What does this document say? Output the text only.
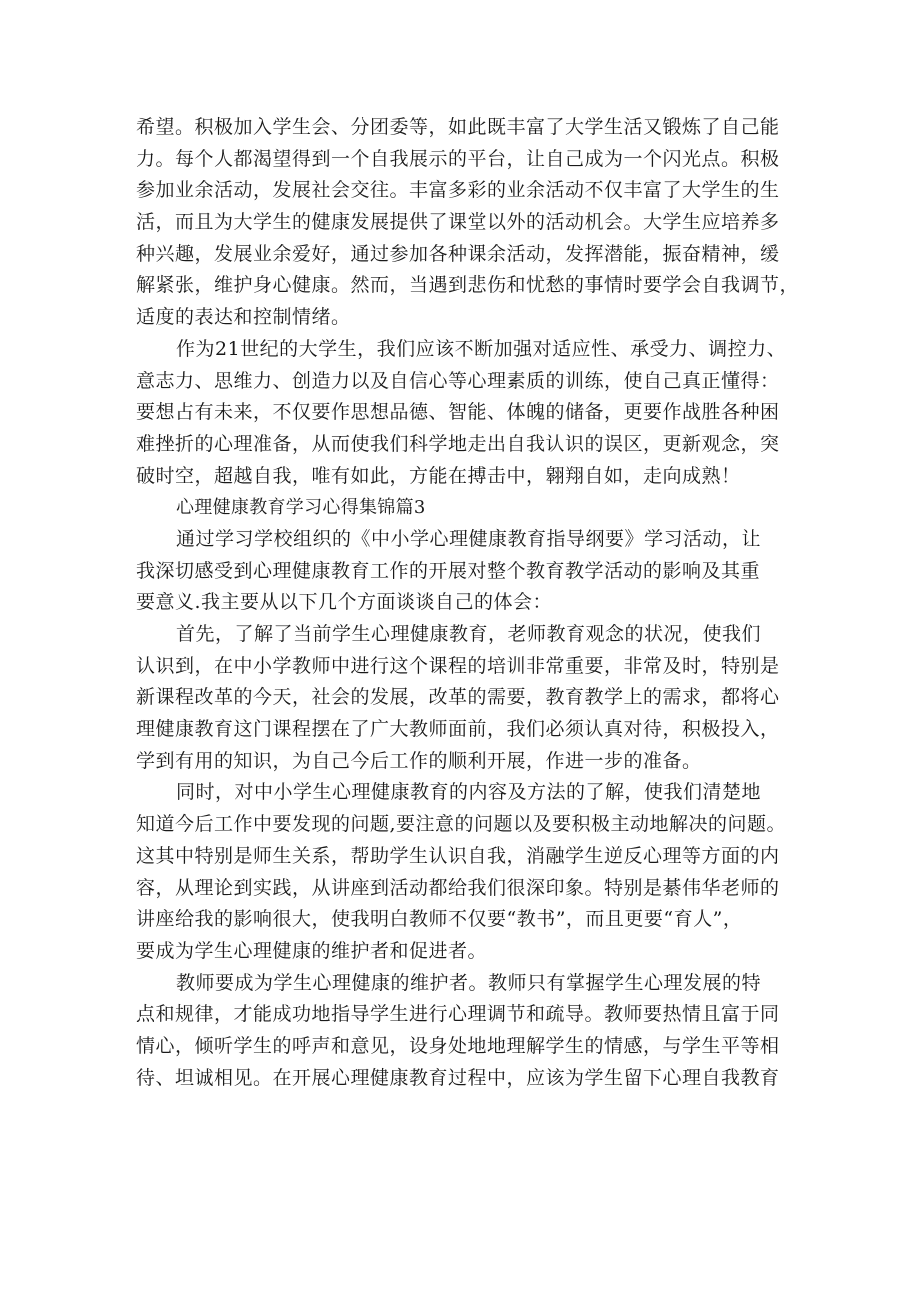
希望。积极加入学生会、分团委等，如此既丰富了大学生活又锻炼了自己能
力。每个人都渴望得到一个自我展示的平台，让自己成为一个闪光点。积极
参加业余活动，发展社会交往。丰富多彩的业余活动不仅丰富了大学生的生
活，而且为大学生的健康发展提供了课堂以外的活动机会。大学生应培养多
种兴趣，发展业余爱好，通过参加各种课余活动，发挥潜能，振奋精神，缓
解紧张，维护身心健康。然而，当遇到悲伤和忧愁的事情时要学会自我调节，
适度的表达和控制情绪。
作为21世纪的大学生，我们应该不断加强对适应性、承受力、调控力、
意志力、思维力、创造力以及自信心等心理素质的训练，使自己真正懂得：
要想占有未来，不仅要作思想品德、智能、体魄的储备，更要作战胜各种困
难挫折的心理准备，从而使我们科学地走出自我认识的误区，更新观念，突
破时空，超越自我，唯有如此，方能在搏击中，翱翔自如，走向成熟！
心理健康教育学习心得集锦篇3
通过学习学校组织的《中小学心理健康教育指导纲要》学习活动，让
我深切感受到心理健康教育工作的开展对整个教育教学活动的影响及其重
要意义.我主要从以下几个方面谈谈自己的体会：
首先，了解了当前学生心理健康教育，老师教育观念的状况，使我们
认识到，在中小学教师中进行这个课程的培训非常重要，非常及时，特别是
新课程改革的今天，社会的发展，改革的需要，教育教学上的需求，都将心
理健康教育这门课程摆在了广大教师面前，我们必须认真对待，积极投入，
学到有用的知识，为自己今后工作的顺利开展，作进一步的准备。
同时，对中小学生心理健康教育的内容及方法的了解，使我们清楚地
知道今后工作中要发现的问题,要注意的问题以及要积极主动地解决的问题。
这其中特别是师生关系，帮助学生认识自我，消融学生逆反心理等方面的内
容，从理论到实践，从讲座到活动都给我们很深印象。特别是綦伟华老师的
讲座给我的影响很大，使我明白教师不仅要“教书”，而且更要“育人”，
要成为学生心理健康的维护者和促进者。
教师要成为学生心理健康的维护者。教师只有掌握学生心理发展的特
点和规律，才能成功地指导学生进行心理调节和疏导。教师要热情且富于同
情心，倾听学生的呼声和意见，设身处地地理解学生的情感，与学生平等相
待、坦诚相见。在开展心理健康教育过程中，应该为学生留下心理自我教育
